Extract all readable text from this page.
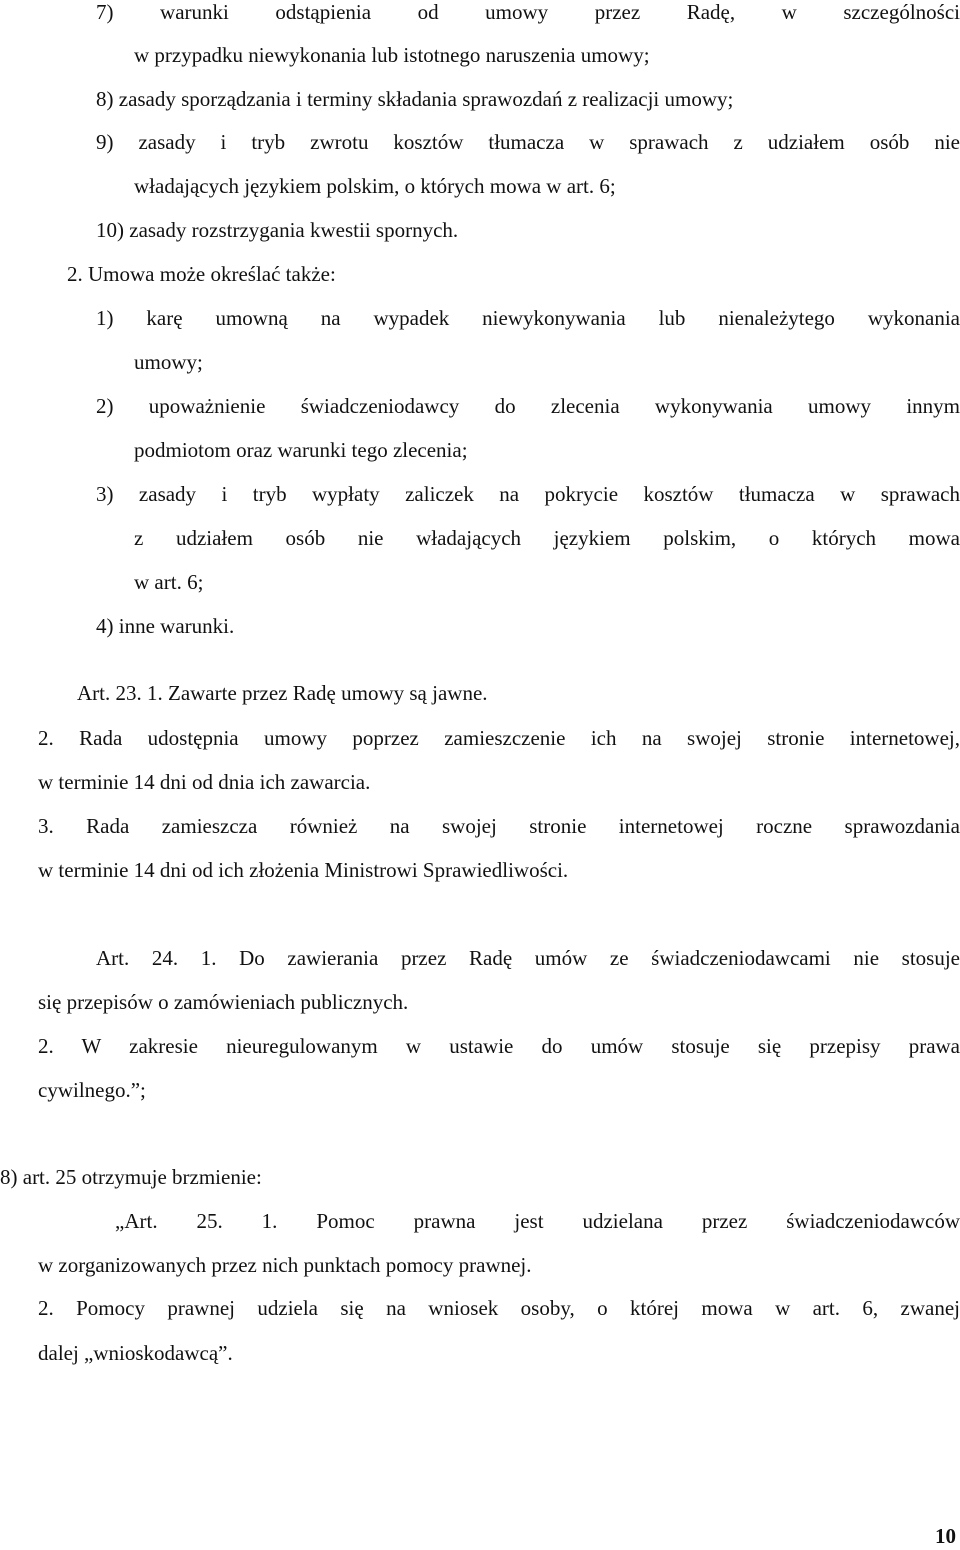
7) warunki odstąpienia od umowy przez Radę, w szczególności
w przypadku niewykonania lub istotnego naruszenia umowy;
8) zasady sporządzania i terminy składania sprawozdań z realizacji umowy;
9) zasady i tryb zwrotu kosztów tłumacza w sprawach z udziałem osób nie
władających językiem polskim, o których mowa w art. 6;
10) zasady rozstrzygania kwestii spornych.
2. Umowa może określać także:
1) karę umowną na wypadek niewykonywania lub nienależytego wykonania
umowy;
2) upoważnienie świadczeniodawcy do zlecenia wykonywania umowy innym
podmiotom oraz warunki tego zlecenia;
3) zasady i tryb wypłaty zaliczek na pokrycie kosztów tłumacza w sprawach
z udziałem osób nie władających językiem polskim, o których mowa
w art. 6;
4) inne warunki.
Art. 23. 1. Zawarte przez Radę umowy są jawne.
2. Rada udostępnia umowy poprzez zamieszczenie ich na swojej stronie internetowej,
w terminie 14 dni od dnia ich zawarcia.
3. Rada zamieszcza również na swojej stronie internetowej roczne sprawozdania
w terminie 14 dni od ich złożenia Ministrowi Sprawiedliwości.
Art. 24. 1. Do zawierania przez Radę umów ze świadczeniodawcami nie stosuje
się przepisów o zamówieniach publicznych.
2. W zakresie nieuregulowanym w ustawie do umów stosuje się przepisy prawa
cywilnego.”;
8) art. 25 otrzymuje brzmienie:
„Art. 25. 1. Pomoc prawna jest udzielana przez świadczeniodawców
w zorganizowanych przez nich punktach pomocy prawnej.
2. Pomocy prawnej udziela się na wniosek osoby, o której mowa w art. 6, zwanej
dalej „wnioskodawcą”.
10
